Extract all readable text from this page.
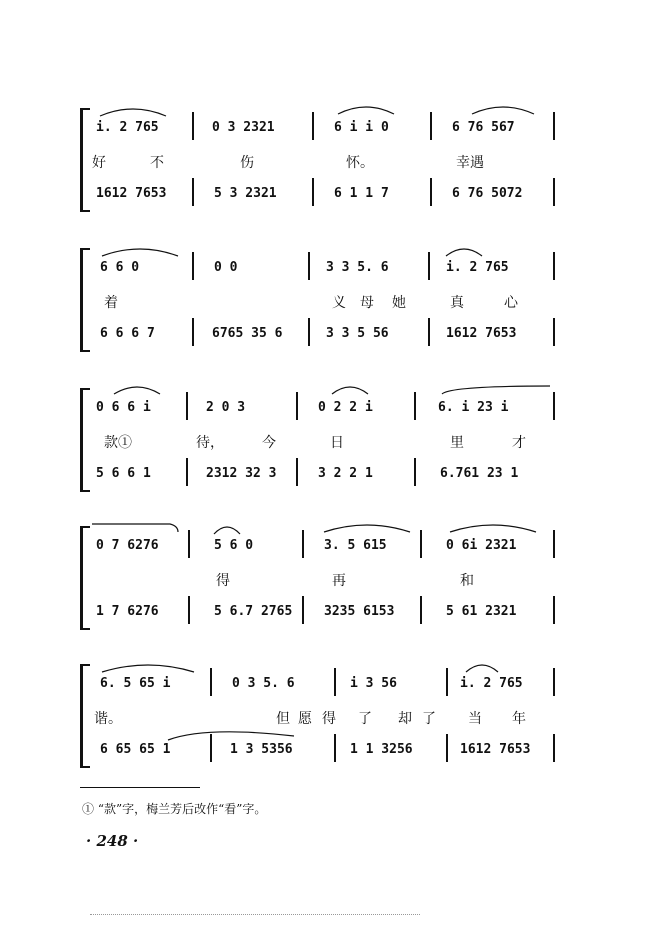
i. 2 765	0 3 2321	6 i i 0	6 76 567
好	不	伤	怀。	幸遇
1612 7653	5 3 2321	6 1 1 7	6 76 5072
6 6 0	0 0	3 3 5. 6	i. 2 765
着	义 母 她	真	心
6 6 6 7	6765 35 6	3 3 5 56	1612 7653
0 6 6 i	2 0 3	0 2 2 i	6. i 23 i
款①	待，	今	日	里	才
5 6 6 1	2312 32 3	3 2 2 1	6.761 23 1
0 7 6276	5 6 0	3. 5 615	0 6i 2321
得	再	和
1 7 6276	5 6.7 2765 3235 6153	5 61 2321
6. 5 65 i	0 3 5. 6	i 3 56	i. 2 765
谐。	但 愿 得 了 却 了 当 年
6 65 65 1	1 3 5356	1 1 3256	1612 7653
① “款”字，梅兰芳后改作“看”字。
· 248 ·
